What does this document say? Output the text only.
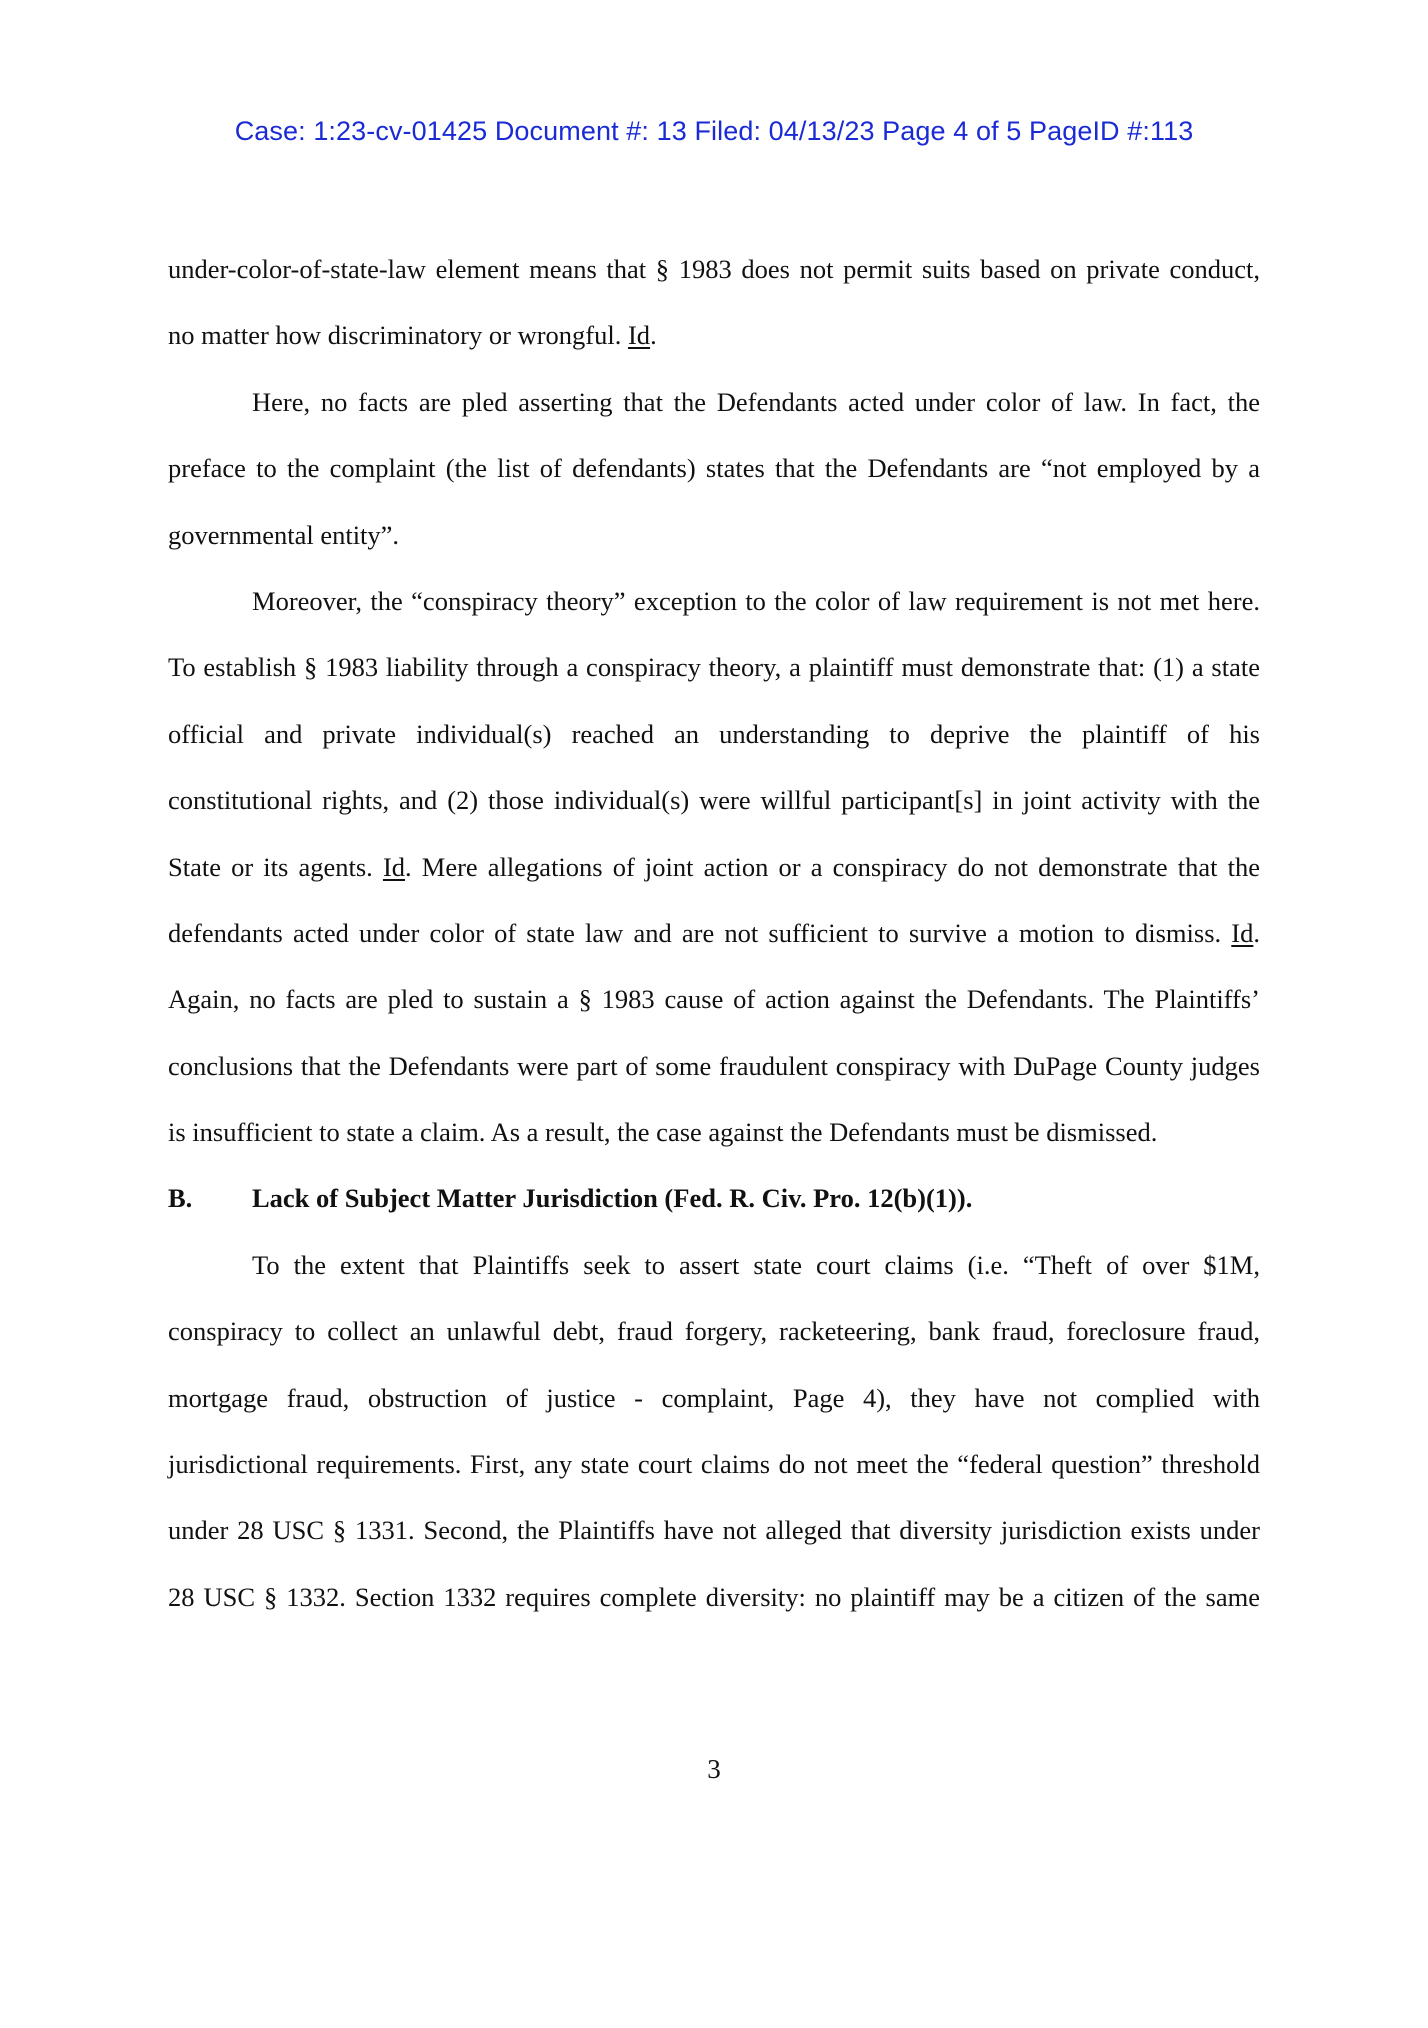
Case: 1:23-cv-01425 Document #: 13 Filed: 04/13/23 Page 4 of 5 PageID #:113
under-color-of-state-law element means that § 1983 does not permit suits based on private conduct,
no matter how discriminatory or wrongful. Id.
Here, no facts are pled asserting that the Defendants acted under color of law. In fact, the
preface to the complaint (the list of defendants) states that the Defendants are “not employed by a
governmental entity”.
Moreover, the “conspiracy theory” exception to the color of law requirement is not met here.
To establish § 1983 liability through a conspiracy theory, a plaintiff must demonstrate that: (1) a state
official and private individual(s) reached an understanding to deprive the plaintiff of his
constitutional rights, and (2) those individual(s) were willful participant[s] in joint activity with the
State or its agents. Id. Mere allegations of joint action or a conspiracy do not demonstrate that the
defendants acted under color of state law and are not sufficient to survive a motion to dismiss. Id.
Again, no facts are pled to sustain a § 1983 cause of action against the Defendants. The Plaintiffs’
conclusions that the Defendants were part of some fraudulent conspiracy with DuPage County judges
is insufficient to state a claim. As a result, the case against the Defendants must be dismissed.
B. Lack of Subject Matter Jurisdiction (Fed. R. Civ. Pro. 12(b)(1)).
To the extent that Plaintiffs seek to assert state court claims (i.e. “Theft of over $1M,
conspiracy to collect an unlawful debt, fraud forgery, racketeering, bank fraud, foreclosure fraud,
mortgage fraud, obstruction of justice - complaint, Page 4), they have not complied with
jurisdictional requirements. First, any state court claims do not meet the “federal question” threshold
under 28 USC § 1331. Second, the Plaintiffs have not alleged that diversity jurisdiction exists under
28 USC § 1332. Section 1332 requires complete diversity: no plaintiff may be a citizen of the same
3
